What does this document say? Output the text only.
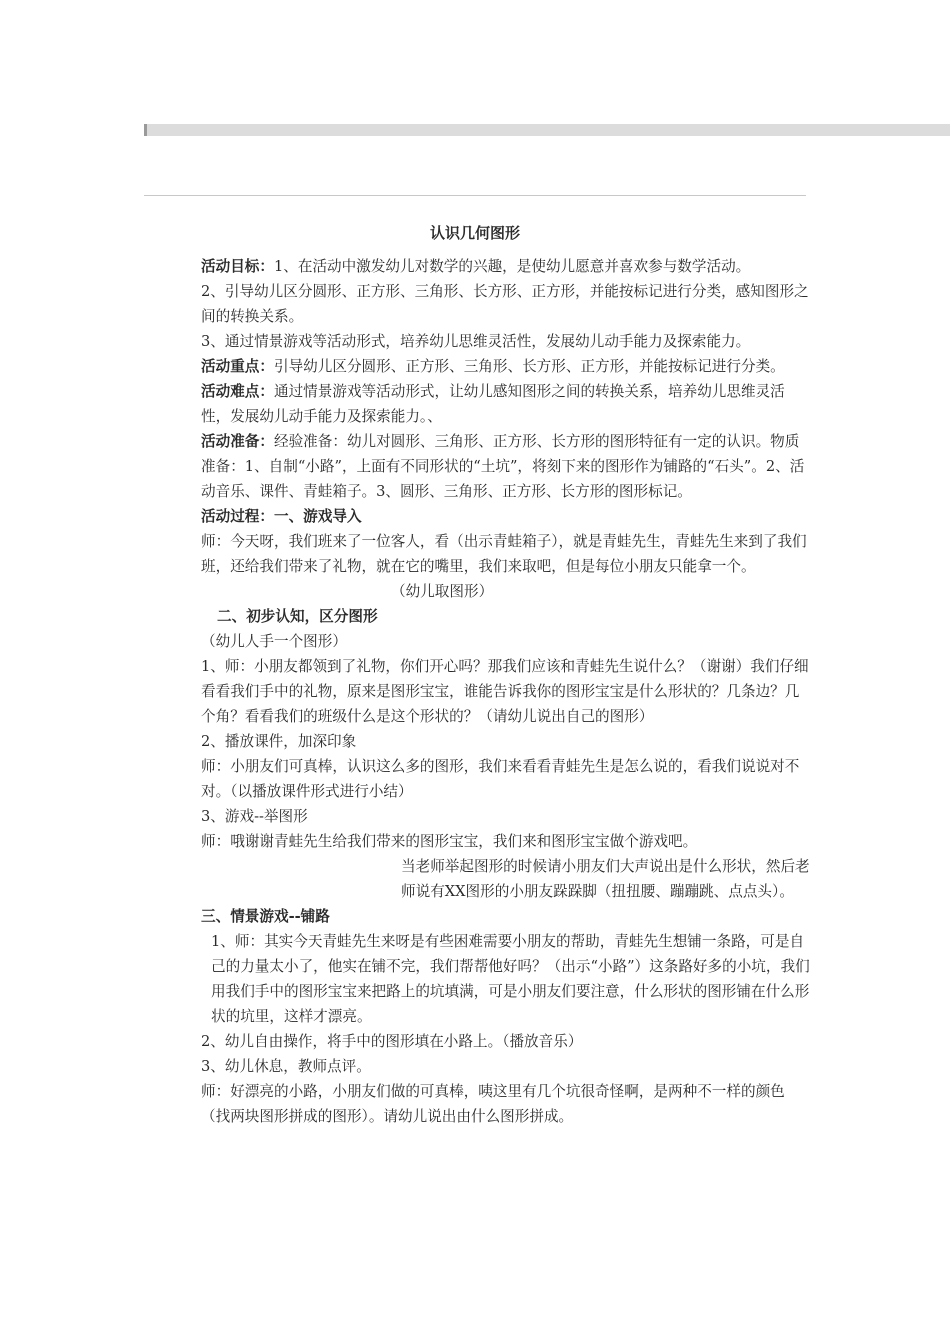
认识几何图形

活动目标：1、在活动中激发幼儿对数学的兴趣，是使幼儿愿意并喜欢参与数学活动。

2、引导幼儿区分圆形、正方形、三角形、长方形、正方形，并能按标记进行分类，感知图形之间的转换关系。

3、通过情景游戏等活动形式，培养幼儿思维灵活性，发展幼儿动手能力及探索能力。

活动重点：引导幼儿区分圆形、正方形、三角形、长方形、正方形，并能按标记进行分类。

活动难点：通过情景游戏等活动形式，让幼儿感知图形之间的转换关系，培养幼儿思维灵活性，发展幼儿动手能力及探索能力。、

活动准备：经验准备：幼儿对圆形、三角形、正方形、长方形的图形特征有一定的认识。物质准备：1、自制“小路”，上面有不同形状的“土坑”，将刻下来的图形作为铺路的“石头”。2、活动音乐、课件、青蛙箱子。3、圆形、三角形、正方形、长方形的图形标记。

活动过程：一、游戏导入

师：今天呀，我们班来了一位客人，看（出示青蛙箱子），就是青蛙先生，青蛙先生来到了我们班，还给我们带来了礼物，就在它的嘴里，我们来取吧，但是每位小朋友只能拿一个。（幼儿取图形）

二、初步认知，区分图形

（幼儿人手一个图形）

1、师：小朋友都领到了礼物，你们开心吗？那我们应该和青蛙先生说什么？（谢谢）我们仔细看看我们手中的礼物，原来是图形宝宝，谁能告诉我你的图形宝宝是什么形状的？几条边？几个角？看看我们的班级什么是这个形状的？（请幼儿说出自己的图形）

2、播放课件，加深印象

师：小朋友们可真棒，认识这么多的图形，我们来看看青蛙先生是怎么说的，看我们说说对不对。（以播放课件形式进行小结）

3、游戏--举图形

师：哦谢谢青蛙先生给我们带来的图形宝宝，我们来和图形宝宝做个游戏吧。

当老师举起图形的时候请小朋友们大声说出是什么形状，然后老师说有XX图形的小朋友跺跺脚（扭扭腰、蹦蹦跳、点点头）。

三、情景游戏--铺路

1、师：其实今天青蛙先生来呀是有些困难需要小朋友的帮助，青蛙先生想铺一条路，可是自己的力量太小了，他实在铺不完，我们帮帮他好吗？（出示“小路”）这条路好多的小坑，我们用我们手中的图形宝宝来把路上的坑填满，可是小朋友们要注意，什么形状的图形铺在什么形状的坑里，这样才漂亮。

2、幼儿自由操作，将手中的图形填在小路上。（播放音乐）

3、幼儿休息，教师点评。

师：好漂亮的小路，小朋友们做的可真棒，咦这里有几个坑很奇怪啊，是两种不一样的颜色（找两块图形拼成的图形）。请幼儿说出由什么图形拼成。
